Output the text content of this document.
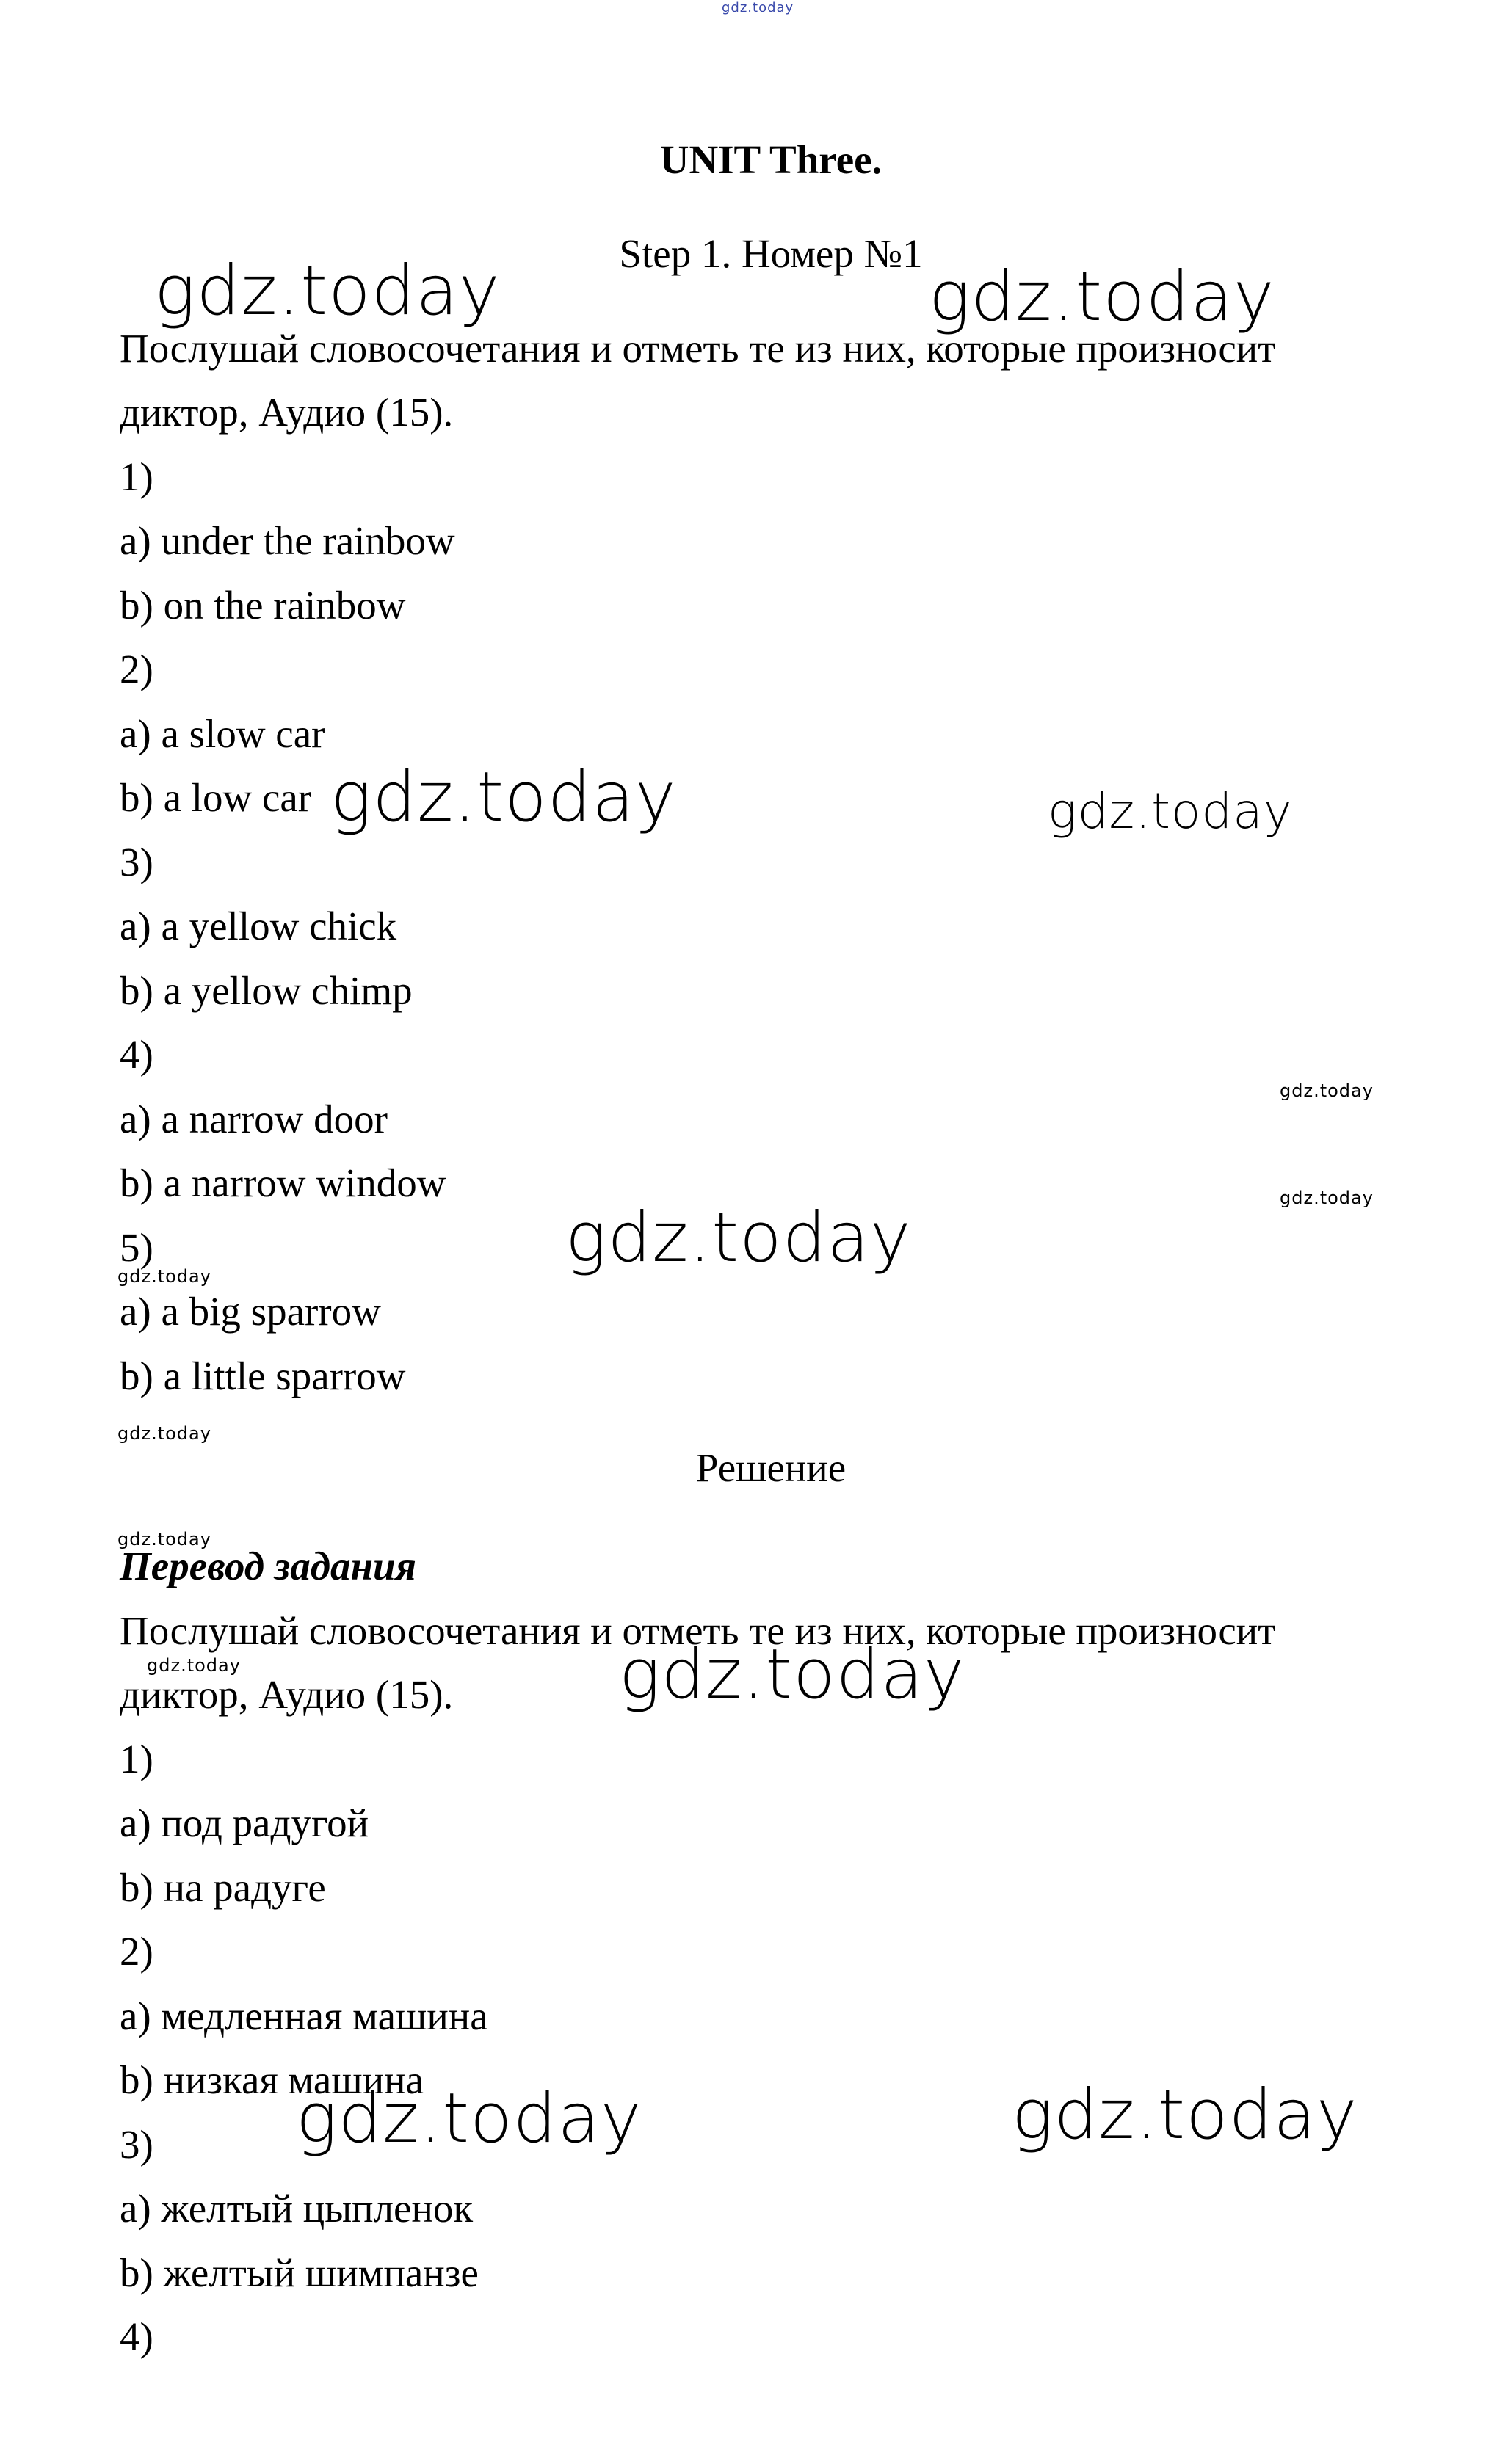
gdz.today
UNIT Three.
Step 1. Номер №1
Послушай словосочетания и отметь те из них, которые произносит
диктор, Аудио (15).
1)
a) under the rainbow
b) on the rainbow
2)
a) a slow car
b) a low car
3)
a) a yellow chick
b) a yellow chimp
4)
a) a narrow door
b) a narrow window
5)
a) a big sparrow
b) a little sparrow
Решение
Перевод задания
Послушай словосочетания и отметь те из них, которые произносит
диктор, Аудио (15).
1)
a) под радугой
b) на радуге
2)
a) медленная машина
b) низкая машина
3)
a) желтый цыпленок
b) желтый шимпанзе
4)
gdz.today	gdz.today
gdz.today	gdz.today
gdz.today
gdz.today
gdz.today
gdz.today
gdz.today
gdz.today
gdz.today	gdz.today
gdz.today	gdz.today
